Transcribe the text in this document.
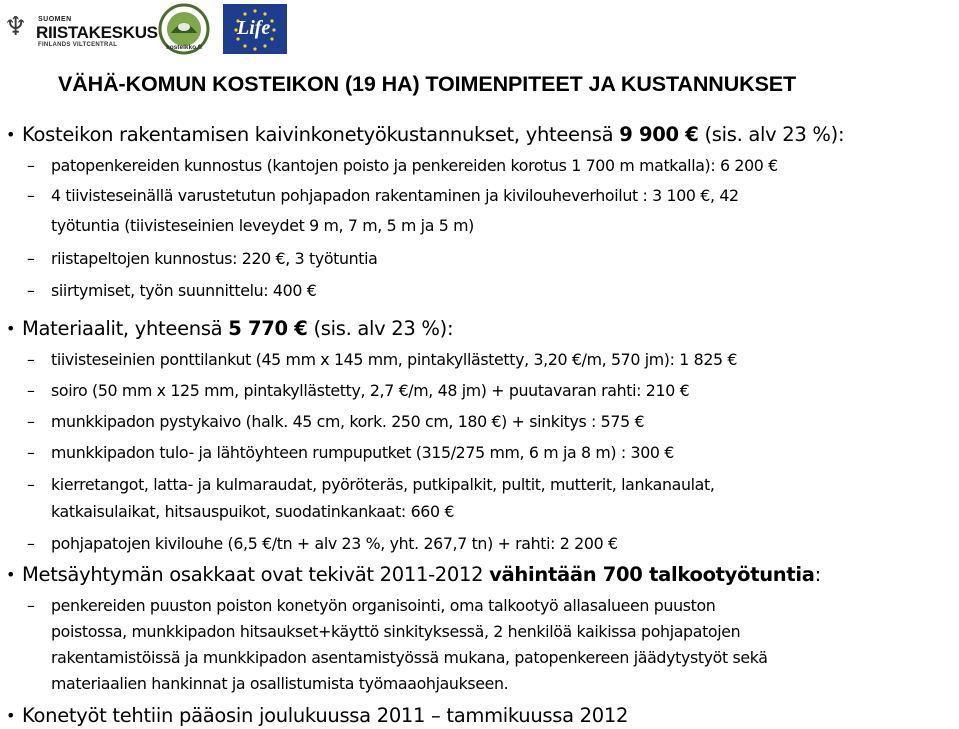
♆ SUOMEN
RIISTAKESKUS
FINLANDS VILTCENTRAL	kosteikko.fi
Life
VÄHÄ-KOMUN KOSTEIKON (19 HA) TOIMENPITEET JA KUSTANNUKSET
• Kosteikon rakentamisen kaivinkonetyökustannukset, yhteensä 9 900 € (sis. alv 23 %):
– patopenkereiden kunnostus (kantojen poisto ja penkereiden korotus 1 700 m matkalla): 6 200 €
– 4 tiivisteseinällä varustetutun pohjapadon rakentaminen ja kivilouheverhoilut : 3 100 €, 42
työtuntia (tiivisteseinien leveydet 9 m, 7 m, 5 m ja 5 m)
– riistapeltojen kunnostus: 220 €, 3 työtuntia
– siirtymiset, työn suunnittelu: 400 €
• Materiaalit, yhteensä 5 770 € (sis. alv 23 %):
– tiivisteseinien ponttilankut (45 mm x 145 mm, pintakyllästetty, 3,20 €/m, 570 jm): 1 825 €
– soiro (50 mm x 125 mm, pintakyllästetty, 2,7 €/m, 48 jm) + puutavaran rahti: 210 €
– munkkipadon pystykaivo (halk. 45 cm, kork. 250 cm, 180 €) + sinkitys : 575 €
– munkkipadon tulo- ja lähtöyhteen rumpuputket (315/275 mm, 6 m ja 8 m) : 300 €
– kierretangot, latta- ja kulmaraudat, pyöröteräs, putkipalkit, pultit, mutterit, lankanaulat,
katkaisulaikat, hitsauspuikot, suodatinkankaat: 660 €
– pohjapatojen kivilouhe (6,5 €/tn + alv 23 %, yht. 267,7 tn) + rahti: 2 200 €
• Metsäyhtymän osakkaat ovat tekivät 2011-2012 vähintään 700 talkootyötuntia:
– penkereiden puuston poiston konetyön organisointi, oma talkootyö allasalueen puuston
poistossa, munkkipadon hitsaukset+käyttö sinkityksessä, 2 henkilöä kaikissa pohjapatojen
rakentamistöissä ja munkkipadon asentamistyössä mukana, patopenkereen jäädytystyöt sekä
materiaalien hankinnat ja osallistumista työmaaohjaukseen.
• Konetyöt tehtiin pääosin joulukuussa 2011 – tammikuussa 2012
